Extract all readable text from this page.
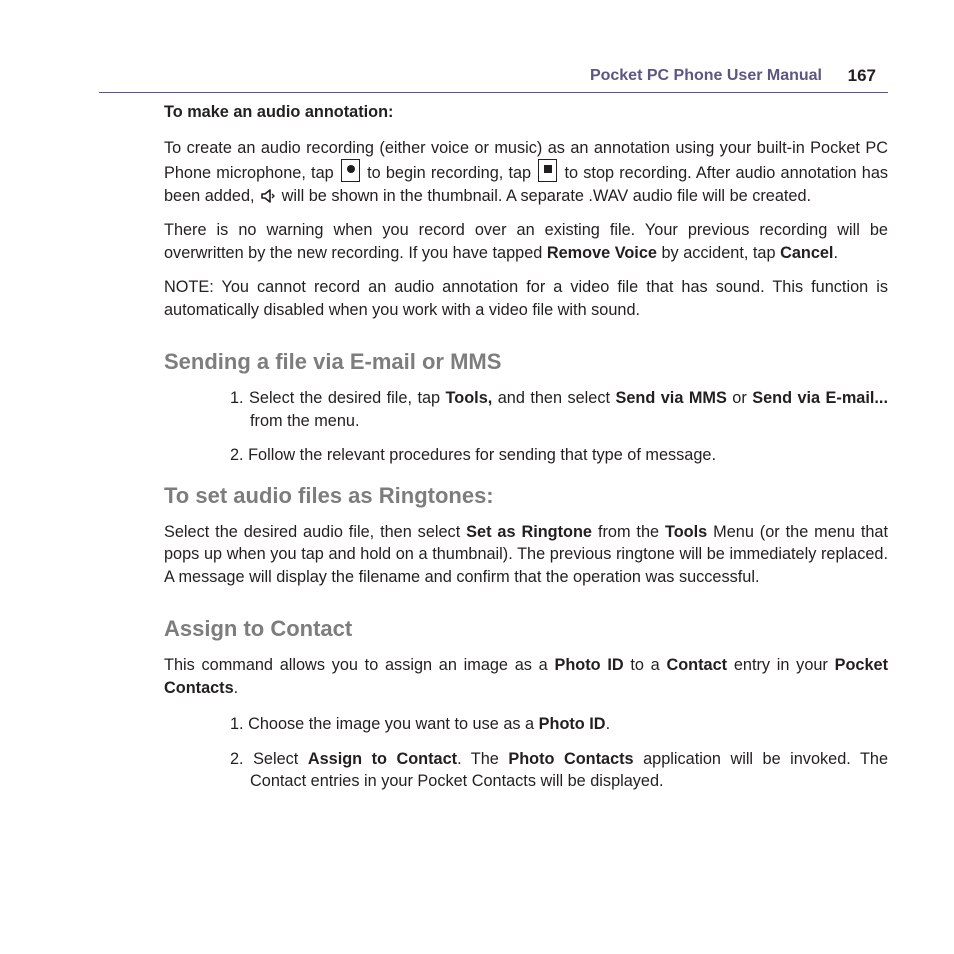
Pocket PC Phone User Manual 167

To make an audio annotation:

To create an audio recording (either voice or music) as an annotation using your built-in Pocket PC Phone microphone, tap to begin recording, tap to stop recording. After audio annotation has been added, will be shown in the thumbnail. A separate .WAV audio file will be created.

There is no warning when you record over an existing file. Your previous recording will be overwritten by the new recording. If you have tapped Remove Voice by accident, tap Cancel.

NOTE: You cannot record an audio annotation for a video file that has sound. This function is automatically disabled when you work with a video file with sound.

Sending a file via E-mail or MMS

1. Select the desired file, tap Tools, and then select Send via MMS or Send via E-mail... from the menu.

2. Follow the relevant procedures for sending that type of message.

To set audio files as Ringtones:

Select the desired audio file, then select Set as Ringtone from the Tools Menu (or the menu that pops up when you tap and hold on a thumbnail). The previous ringtone will be immediately replaced. A message will display the filename and confirm that the operation was successful.

Assign to Contact

This command allows you to assign an image as a Photo ID to a Contact entry in your Pocket Contacts.

1. Choose the image you want to use as a Photo ID.

2. Select Assign to Contact. The Photo Contacts application will be invoked. The Contact entries in your Pocket Contacts will be displayed.
